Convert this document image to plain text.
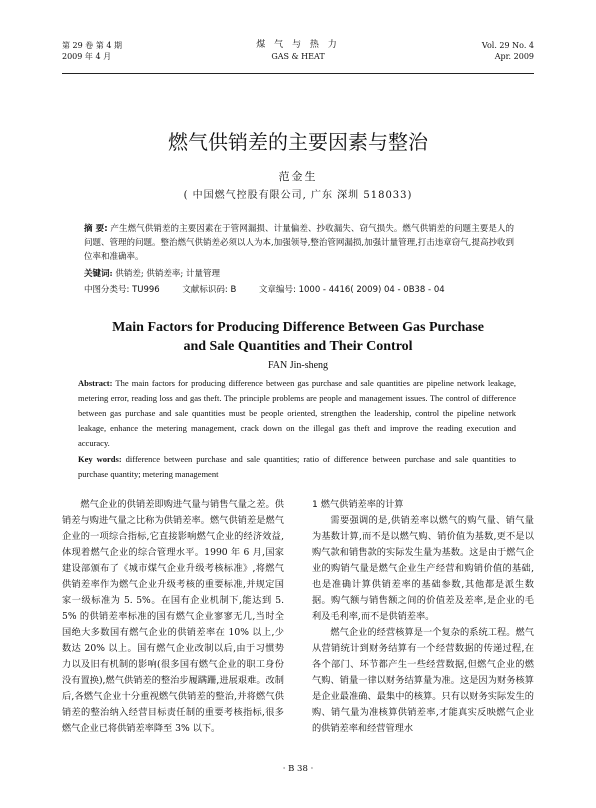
第 29 卷 第 4 期
2009 年 4 月
煤 气 与 热 力
GAS & HEAT
Vol. 29 No. 4
Apr. 2009
燃气供销差的主要因素与整治
范金生
( 中国燃气控股有限公司, 广东 深圳 518033)
摘 要: 产生燃气供销差的主要因素在于管网漏损、计量偏差、抄收漏失、窃气损失。燃气供销差的问题主要是人的问题、管理的问题。整治燃气供销差必须以人为本,加强领导,整治管网漏损,加强计量管理,打击违章窃气,提高抄收到位率和准确率。
关键词: 供销差; 供销差率; 计量管理
中图分类号: TU996	文献标识码: B	文章编号: 1000 - 4416( 2009) 04 - 0B38 - 04
Main Factors for Producing Difference Between Gas Purchase
and Sale Quantities and Their Control
FAN Jin-sheng
Abstract: The main factors for producing difference between gas purchase and sale quantities are pipeline network leakage, metering error, reading loss and gas theft. The principle problems are people and management issues. The control of difference between gas purchase and sale quantities must be people oriented, strengthen the leadership, control the pipeline network leakage, enhance the metering management, crack down on the illegal gas theft and improve the reading execution and accuracy.
Key words: difference between purchase and sale quantities; ratio of difference between purchase and sale quantities to purchase quantity; metering management

燃气企业的供销差即购进气量与销售气量之差。供销差与购进气量之比称为供销差率。燃气供销差是燃气企业的一项综合指标,它直接影响燃气企业的经济效益,体现着燃气企业的综合管理水平。1990 年 6 月,国家建设部颁布了《城市煤气企业升级考核标准》,将燃气供销差率作为燃气企业升级考核的重要标准,并规定国家一级标准为 5. 5%。在国有企业机制下,能达到 5. 5% 的供销差率标准的国有燃气企业寥寥无几,当时全国绝大多数国有燃气企业的供销差率在 10% 以上,少数达 20% 以上。国有燃气企业改制以后,由于习惯势力以及旧有机制的影响(很多国有燃气企业的职工身份没有置换),燃气供销差的整治步履蹒跚,进展艰难。改制后,各燃气企业十分重视燃气供销差的整治,并将燃气供销差的整治纳入经营目标责任制的重要考核指标,很多燃气企业已将供销差率降至 3% 以下。

1 燃气供销差率的计算

需要强调的是,供销差率以燃气的购气量、销气量为基数计算,而不是以燃气购、销价值为基数,更不是以购气款和销售款的实际发生量为基数。这是由于燃气企业的购销气量是燃气企业生产经营和购销价值的基础,也是准确计算供销差率的基础参数,其他都是派生数据。购气额与销售额之间的价值差及差率,是企业的毛利及毛利率,而不是供销差率。

燃气企业的经营核算是一个复杂的系统工程。燃气从营销统计到财务结算有一个经营数据的传递过程,在各个部门、环节都产生一些经营数据,但燃气企业的燃气购、销量一律以财务结算量为准。这是因为财务核算是企业最准确、最集中的核算。只有以财务实际发生的购、销气量为准核算供销差率,才能真实反映燃气企业的供销差率和经营管理水

· B 38 ·
